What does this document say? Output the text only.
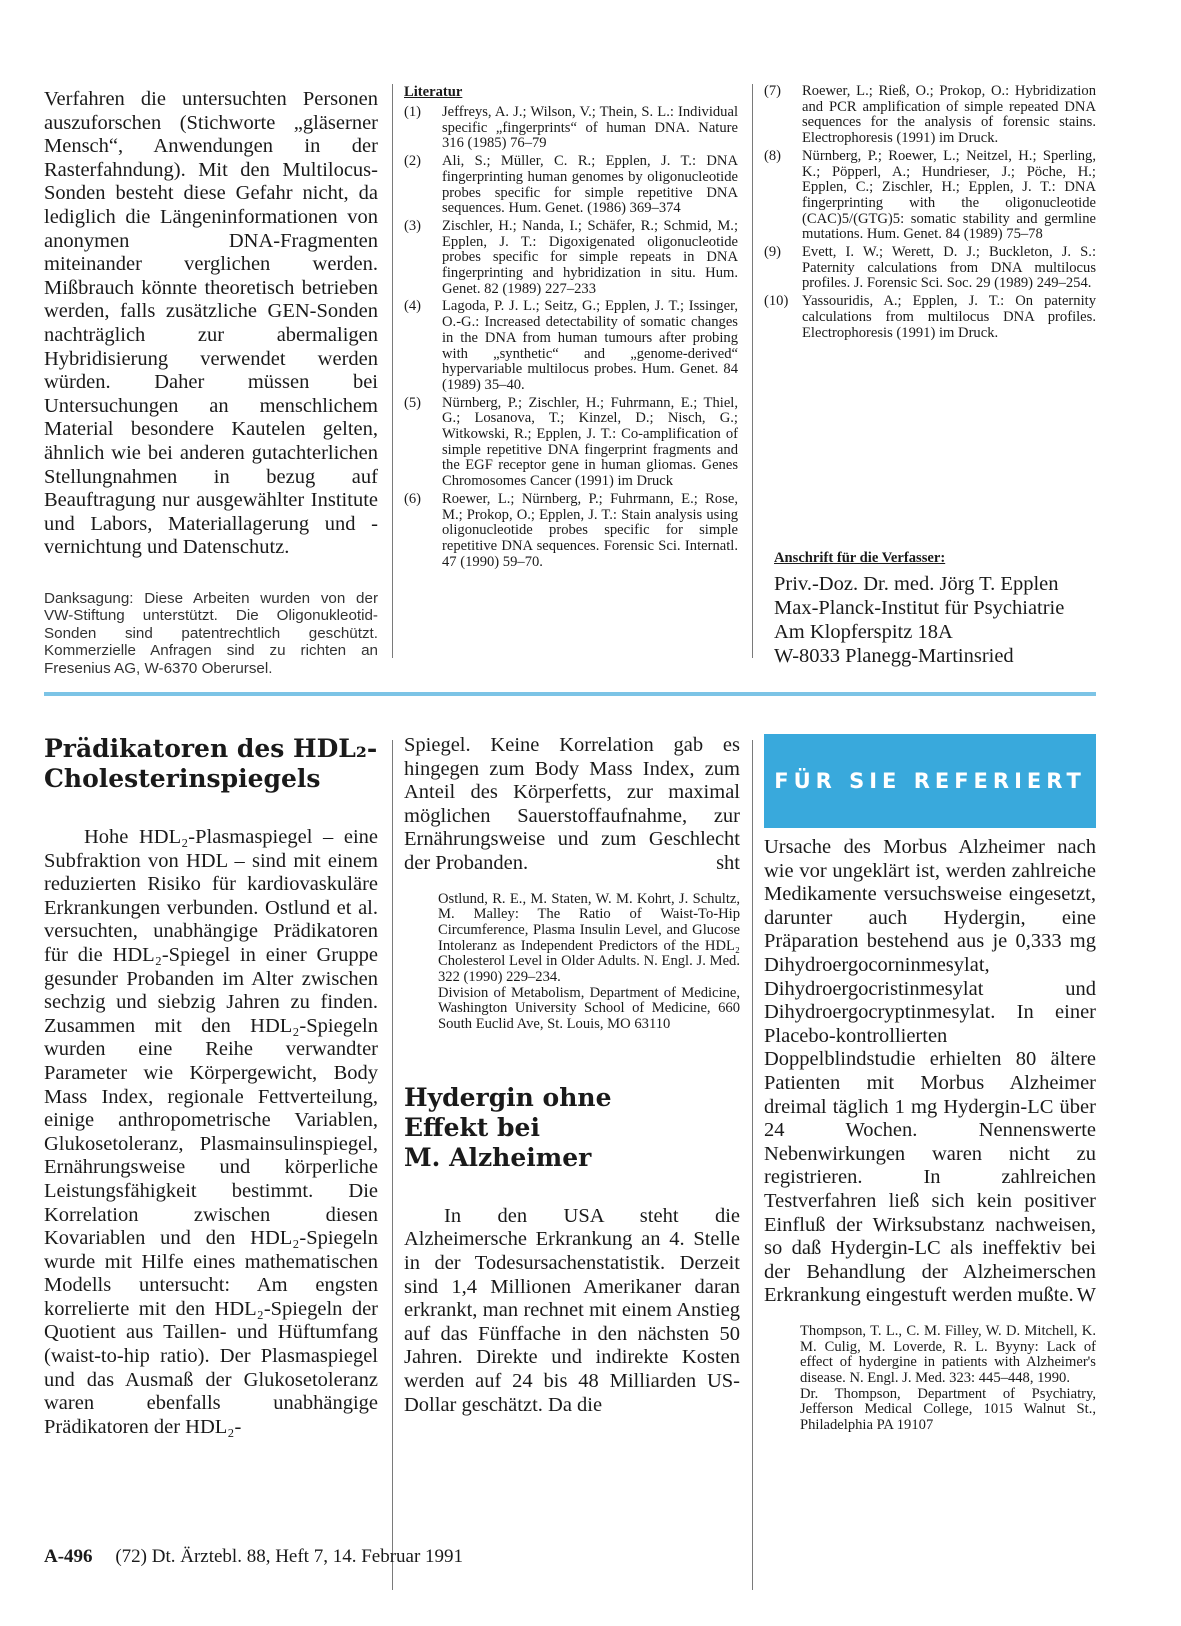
Verfahren die untersuchten Personen auszuforschen (Stichworte „gläserner Mensch“, Anwendungen in der Rasterfahndung). Mit den Multilocus-Sonden besteht diese Gefahr nicht, da lediglich die Längeninformationen von anonymen DNA-Fragmenten miteinander verglichen werden. Mißbrauch könnte theoretisch betrieben werden, falls zusätzliche GEN-Sonden nachträglich zur abermaligen Hybridisierung verwendet werden würden. Daher müssen bei Untersuchungen an menschlichem Material besondere Kautelen gelten, ähnlich wie bei anderen gutachterlichen Stellungnahmen in bezug auf Beauftragung nur ausgewählter Institute und Labors, Materiallagerung und -vernichtung und Datenschutz.

Danksagung: Diese Arbeiten wurden von der VW-Stiftung unterstützt. Die Oligonukleotid-Sonden sind patentrechtlich geschützt. Kommerzielle Anfragen sind zu richten an Fresenius AG, W-6370 Oberursel.

Literatur
(1)	Jeffreys, A. J.; Wilson, V.; Thein, S. L.: Individual specific „fingerprints“ of human DNA. Nature 316 (1985) 76–79
(2)	Ali, S.; Müller, C. R.; Epplen, J. T.: DNA fingerprinting human genomes by oligonucleotide probes specific for simple repetitive DNA sequences. Hum. Genet. (1986) 369–374
(3)	Zischler, H.; Nanda, I.; Schäfer, R.; Schmid, M.; Epplen, J. T.: Digoxigenated oligonucleotide probes specific for simple repeats in DNA fingerprinting and hybridization in situ. Hum. Genet. 82 (1989) 227–233
(4)	Lagoda, P. J. L.; Seitz, G.; Epplen, J. T.; Issinger, O.-G.: Increased detectability of somatic changes in the DNA from human tumours after probing with „synthetic“ and „genome-derived“ hypervariable multilocus probes. Hum. Genet. 84 (1989) 35–40.
(5)	Nürnberg, P.; Zischler, H.; Fuhrmann, E.; Thiel, G.; Losanova, T.; Kinzel, D.; Nisch, G.; Witkowski, R.; Epplen, J. T.: Co-amplification of simple repetitive DNA fingerprint fragments and the EGF receptor gene in human gliomas. Genes Chromosomes Cancer (1991) im Druck
(6)	Roewer, L.; Nürnberg, P.; Fuhrmann, E.; Rose, M.; Prokop, O.; Epplen, J. T.: Stain analysis using oligonucleotide probes specific for simple repetitive DNA sequences. Forensic Sci. Internatl. 47 (1990) 59–70.
(7)	Roewer, L.; Rieß, O.; Prokop, O.: Hybridization and PCR amplification of simple repeated DNA sequences for the analysis of forensic stains. Electrophoresis (1991) im Druck.
(8)	Nürnberg, P.; Roewer, L.; Neitzel, H.; Sperling, K.; Pöpperl, A.; Hundrieser, J.; Pöche, H.; Epplen, C.; Zischler, H.; Epplen, J. T.: DNA fingerprinting with the oligonucleotide (CAC)5/(GTG)5: somatic stability and germline mutations. Hum. Genet. 84 (1989) 75–78
(9)	Evett, I. W.; Werett, D. J.; Buckleton, J. S.: Paternity calculations from DNA multilocus profiles. J. Forensic Sci. Soc. 29 (1989) 249–254.
(10) Yassouridis, A.; Epplen, J. T.: On paternity calculations from multilocus DNA profiles. Electrophoresis (1991) im Druck.
Anschrift für die Verfasser:
Priv.-Doz. Dr. med. Jörg T. Epplen
Max-Planck-Institut für Psychiatrie
Am Klopferspitz 18A
W-8033 Planegg-Martinsried
Prädikatoren des HDL₂-
Cholesterinspiegels

Hohe HDL₂-Plasmaspiegel – eine Subfraktion von HDL – sind mit einem reduzierten Risiko für kardiovaskuläre Erkrankungen verbunden. Ostlund et al. versuchten, unabhängige Prädikatoren für die HDL₂-Spiegel in einer Gruppe gesunder Probanden im Alter zwischen sechzig und siebzig Jahren zu finden. Zusammen mit den HDL₂-Spiegeln wurden eine Reihe verwandter Parameter wie Körpergewicht, Body Mass Index, regionale Fettverteilung, einige anthropometrische Variablen, Glukosetoleranz, Plasmainsulinspiegel, Ernährungsweise und körperliche Leistungsfähigkeit bestimmt. Die Korrelation zwischen diesen Kovariablen und den HDL₂-Spiegeln wurde mit Hilfe eines mathematischen Modells untersucht: Am engsten korrelierte mit den HDL₂-Spiegeln der Quotient aus Taillen- und Hüftumfang (waist-to-hip ratio). Der Plasmaspiegel und das Ausmaß der Glukosetoleranz waren ebenfalls unabhängige Prädikatoren der HDL₂-

Spiegel. Keine Korrelation gab es hingegen zum Body Mass Index, zum Anteil des Körperfetts, zur maximal möglichen Sauerstoffaufnahme, zur Ernährungsweise und zum Geschlecht der Probanden.	sht

Ostlund, R. E., M. Staten, W. M. Kohrt, J. Schultz, M. Malley: The Ratio of Waist-To-Hip Circumference, Plasma Insulin Level, and Glucose Intoleranz as Independent Predictors of the HDL₂ Cholesterol Level in Older Adults. N. Engl. J. Med. 322 (1990) 229–234.

Division of Metabolism, Department of Medicine, Washington University School of Medicine, 660 South Euclid Ave, St. Louis, MO 63110

Hydergin ohne
Effekt bei
M. Alzheimer

In den USA steht die Alzheimersche Erkrankung an 4. Stelle in der Todesursachenstatistik. Derzeit sind 1,4 Millionen Amerikaner daran erkrankt, man rechnet mit einem Anstieg auf das Fünffache in den nächsten 50 Jahren. Direkte und indirekte Kosten werden auf 24 bis 48 Milliarden US-Dollar geschätzt. Da die

FÜR SIE REFERIERT
Ursache des Morbus Alzheimer nach wie vor ungeklärt ist, werden zahlreiche Medikamente versuchsweise eingesetzt, darunter auch Hydergin, eine Präparation bestehend aus je 0,333 mg Dihydroergocorninmesylat, Dihydroergocristinmesylat und Dihydroergocryptinmesylat. In einer Placebo-kontrollierten Doppelblindstudie erhielten 80 ältere Patienten mit Morbus Alzheimer dreimal täglich 1 mg Hydergin-LC über 24 Wochen. Nennenswerte Nebenwirkungen waren nicht zu registrieren. In zahlreichen Testverfahren ließ sich kein positiver Einfluß der Wirksubstanz nachweisen, so daß Hydergin-LC als ineffektiv bei der Behandlung der Alzheimerschen Erkrankung eingestuft werden mußte. W

Thompson, T. L., C. M. Filley, W. D. Mitchell, K. M. Culig, M. Loverde, R. L. Byyny: Lack of effect of hydergine in patients with Alzheimer's disease. N. Engl. J. Med. 323: 445–448, 1990.

Dr. Thompson, Department of Psychiatry, Jefferson Medical College, 1015 Walnut St., Philadelphia PA 19107

A-496 (72) Dt. Ärztebl. 88, Heft 7, 14. Februar 1991
